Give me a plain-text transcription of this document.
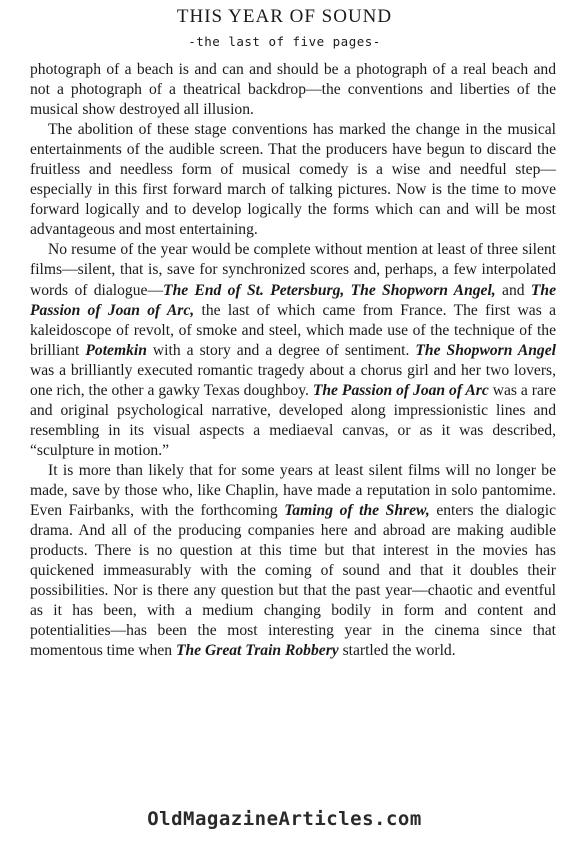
THIS YEAR OF SOUND
-the last of five pages-

photograph of a beach is and can and should be a photograph of a real beach and not a photograph of a theatrical backdrop—the conventions and liberties of the musical show destroyed all illusion.

The abolition of these stage conventions has marked the change in the musical entertainments of the audible screen. That the producers have begun to discard the fruitless and needless form of musical comedy is a wise and needful step—especially in this first forward march of talking pictures. Now is the time to move forward logically and to develop logically the forms which can and will be most advantageous and most entertaining.

No resume of the year would be complete without mention at least of three silent films—silent, that is, save for synchronized scores and, perhaps, a few interpolated words of dialogue—The End of St. Petersburg, The Shopworn Angel, and The Passion of Joan of Arc, the last of which came from France. The first was a kaleidoscope of revolt, of smoke and steel, which made use of the technique of the brilliant Potemkin with a story and a degree of sentiment. The Shopworn Angel was a brilliantly executed romantic tragedy about a chorus girl and her two lovers, one rich, the other a gawky Texas doughboy. The Passion of Joan of Arc was a rare and original psychological narrative, developed along impressionistic lines and resembling in its visual aspects a mediaeval canvas, or as it was described, “sculpture in motion.”

It is more than likely that for some years at least silent films will no longer be made, save by those who, like Chaplin, have made a reputation in solo pantomime. Even Fairbanks, with the forthcoming Taming of the Shrew, enters the dialogic drama. And all of the producing companies here and abroad are making audible products. There is no question at this time but that interest in the movies has quickened immeasurably with the coming of sound and that it doubles their possibilities. Nor is there any question but that the past year—chaotic and eventful as it has been, with a medium changing bodily in form and content and potentialities—has been the most interesting year in the cinema since that momentous time when The Great Train Robbery startled the world.

OldMagazineArticles.com
